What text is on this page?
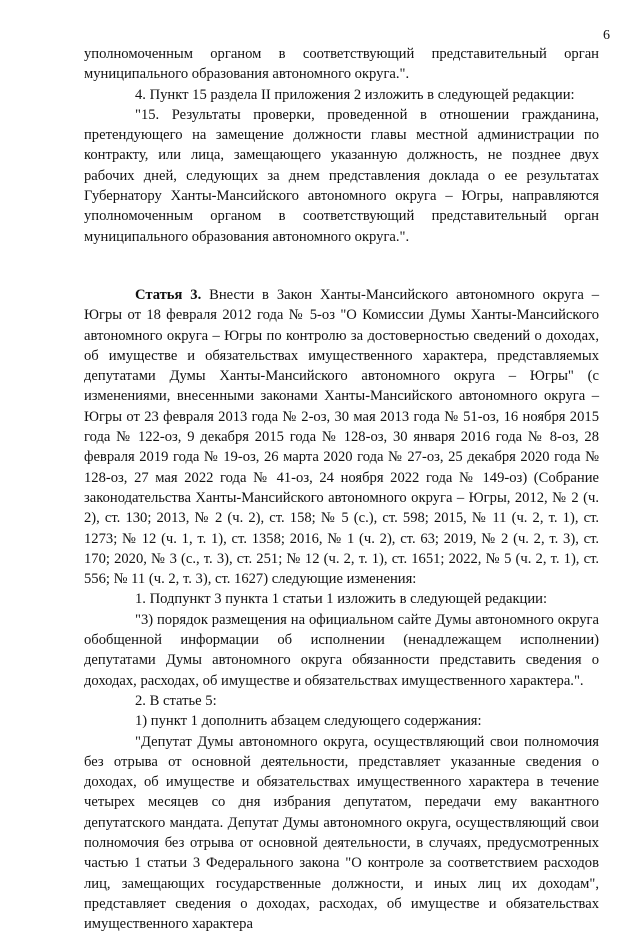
6

уполномоченным органом в соответствующий представительный орган муниципального образования автономного округа.".

4. Пункт 15 раздела II приложения 2 изложить в следующей редакции:

"15. Результаты проверки, проведенной в отношении гражданина, претендующего на замещение должности главы местной администрации по контракту, или лица, замещающего указанную должность, не позднее двух рабочих дней, следующих за днем представления доклада о ее результатах Губернатору Ханты-Мансийского автономного округа – Югры, направляются уполномоченным органом в соответствующий представительный орган муниципального образования автономного округа.".

Статья 3. Внести в Закон Ханты-Мансийского автономного округа – Югры от 18 февраля 2012 года № 5-оз "О Комиссии Думы Ханты-Мансийского автономного округа – Югры по контролю за достоверностью сведений о доходах, об имуществе и обязательствах имущественного характера, представляемых депутатами Думы Ханты-Мансийского автономного округа – Югры" (с изменениями, внесенными законами Ханты-Мансийского автономного округа – Югры от 23 февраля 2013 года № 2-оз, 30 мая 2013 года № 51-оз, 16 ноября 2015 года № 122-оз, 9 декабря 2015 года № 128-оз, 30 января 2016 года № 8-оз, 28 февраля 2019 года № 19-оз, 26 марта 2020 года № 27-оз, 25 декабря 2020 года № 128-оз, 27 мая 2022 года № 41-оз, 24 ноября 2022 года № 149-оз) (Собрание законодательства Ханты-Мансийского автономного округа – Югры, 2012, № 2 (ч. 2), ст. 130; 2013, № 2 (ч. 2), ст. 158; № 5 (с.), ст. 598; 2015, № 11 (ч. 2, т. 1), ст. 1273; № 12 (ч. 1, т. 1), ст. 1358; 2016, № 1 (ч. 2), ст. 63; 2019, № 2 (ч. 2, т. 3), ст. 170; 2020, № 3 (с., т. 3), ст. 251; № 12 (ч. 2, т. 1), ст. 1651; 2022, № 5 (ч. 2, т. 1), ст. 556; № 11 (ч. 2, т. 3), ст. 1627) следующие изменения:

1. Подпункт 3 пункта 1 статьи 1 изложить в следующей редакции:

"3) порядок размещения на официальном сайте Думы автономного округа обобщенной информации об исполнении (ненадлежащем исполнении) депутатами Думы автономного округа обязанности представить сведения о доходах, расходах, об имуществе и обязательствах имущественного характера.".

2. В статье 5:

1) пункт 1 дополнить абзацем следующего содержания:

"Депутат Думы автономного округа, осуществляющий свои полномочия без отрыва от основной деятельности, представляет указанные сведения о доходах, об имуществе и обязательствах имущественного характера в течение четырех месяцев со дня избрания депутатом, передачи ему вакантного депутатского мандата. Депутат Думы автономного округа, осуществляющий свои полномочия без отрыва от основной деятельности, в случаях, предусмотренных частью 1 статьи 3 Федерального закона "О контроле за соответствием расходов лиц, замещающих государственные должности, и иных лиц их доходам", представляет сведения о доходах, расходах, об имуществе и обязательствах имущественного характера
